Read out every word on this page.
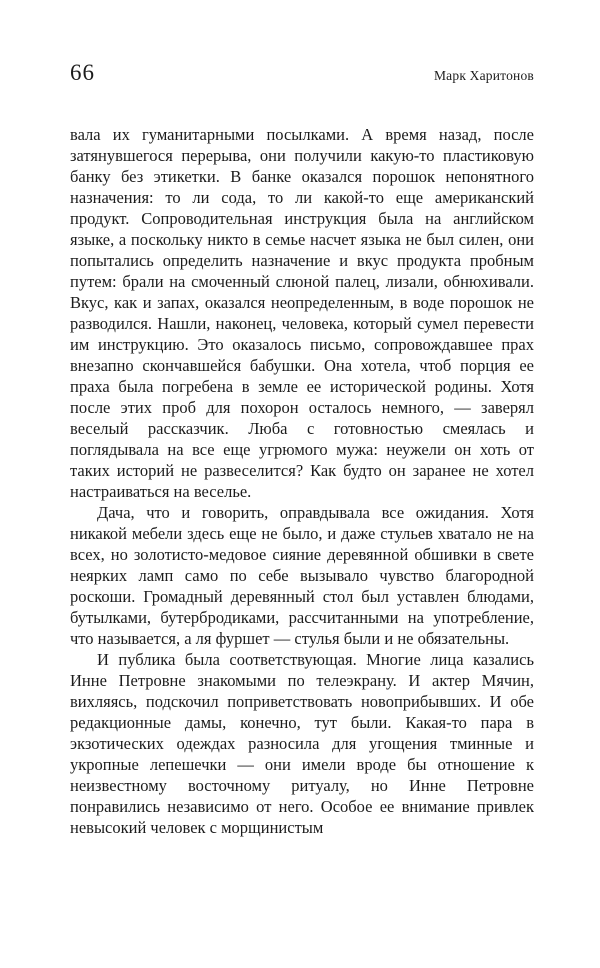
66	Марк Харитонов

вала их гуманитарными посылками. А время назад, после затянувшегося перерыва, они получили какую-то пластиковую банку без этикетки. В банке оказался порошок непонятного назначения: то ли сода, то ли какой-то еще американский продукт. Сопроводительная инструкция была на английском языке, а поскольку никто в семье насчет языка не был силен, они попытались определить назначение и вкус продукта пробным путем: брали на смоченный слюной палец, лизали, обнюхивали. Вкус, как и запах, оказался неопределенным, в воде порошок не разводился. Нашли, наконец, человека, который сумел перевести им инструкцию. Это оказалось письмо, сопровождавшее прах внезапно скончавшейся бабушки. Она хотела, чтоб порция ее праха была погребена в земле ее исторической родины. Хотя после этих проб для похорон осталось немного, — заверял веселый рассказчик. Люба с готовностью смеялась и поглядывала на все еще угрюмого мужа: неужели он хоть от таких историй не развеселится? Как будто он заранее не хотел настраиваться на веселье.

Дача, что и говорить, оправдывала все ожидания. Хотя никакой мебели здесь еще не было, и даже стульев хватало не на всех, но золотисто-медовое сияние деревянной обшивки в свете неярких ламп само по себе вызывало чувство благородной роскоши. Громадный деревянный стол был уставлен блюдами, бутылками, бутербродиками, рассчитанными на употребление, что называется, а ля фуршет — стулья были и не обязательны.

И публика была соответствующая. Многие лица казались Инне Петровне знакомыми по телеэкрану. И актер Мячин, вихляясь, подскочил поприветствовать новоприбывших. И обе редакционные дамы, конечно, тут были. Какая-то пара в экзотических одеждах разносила для угощения тминные и укропные лепешечки — они имели вроде бы отношение к неизвестному восточному ритуалу, но Инне Петровне понравились независимо от него. Особое ее внимание привлек невысокий человек с морщинистым
